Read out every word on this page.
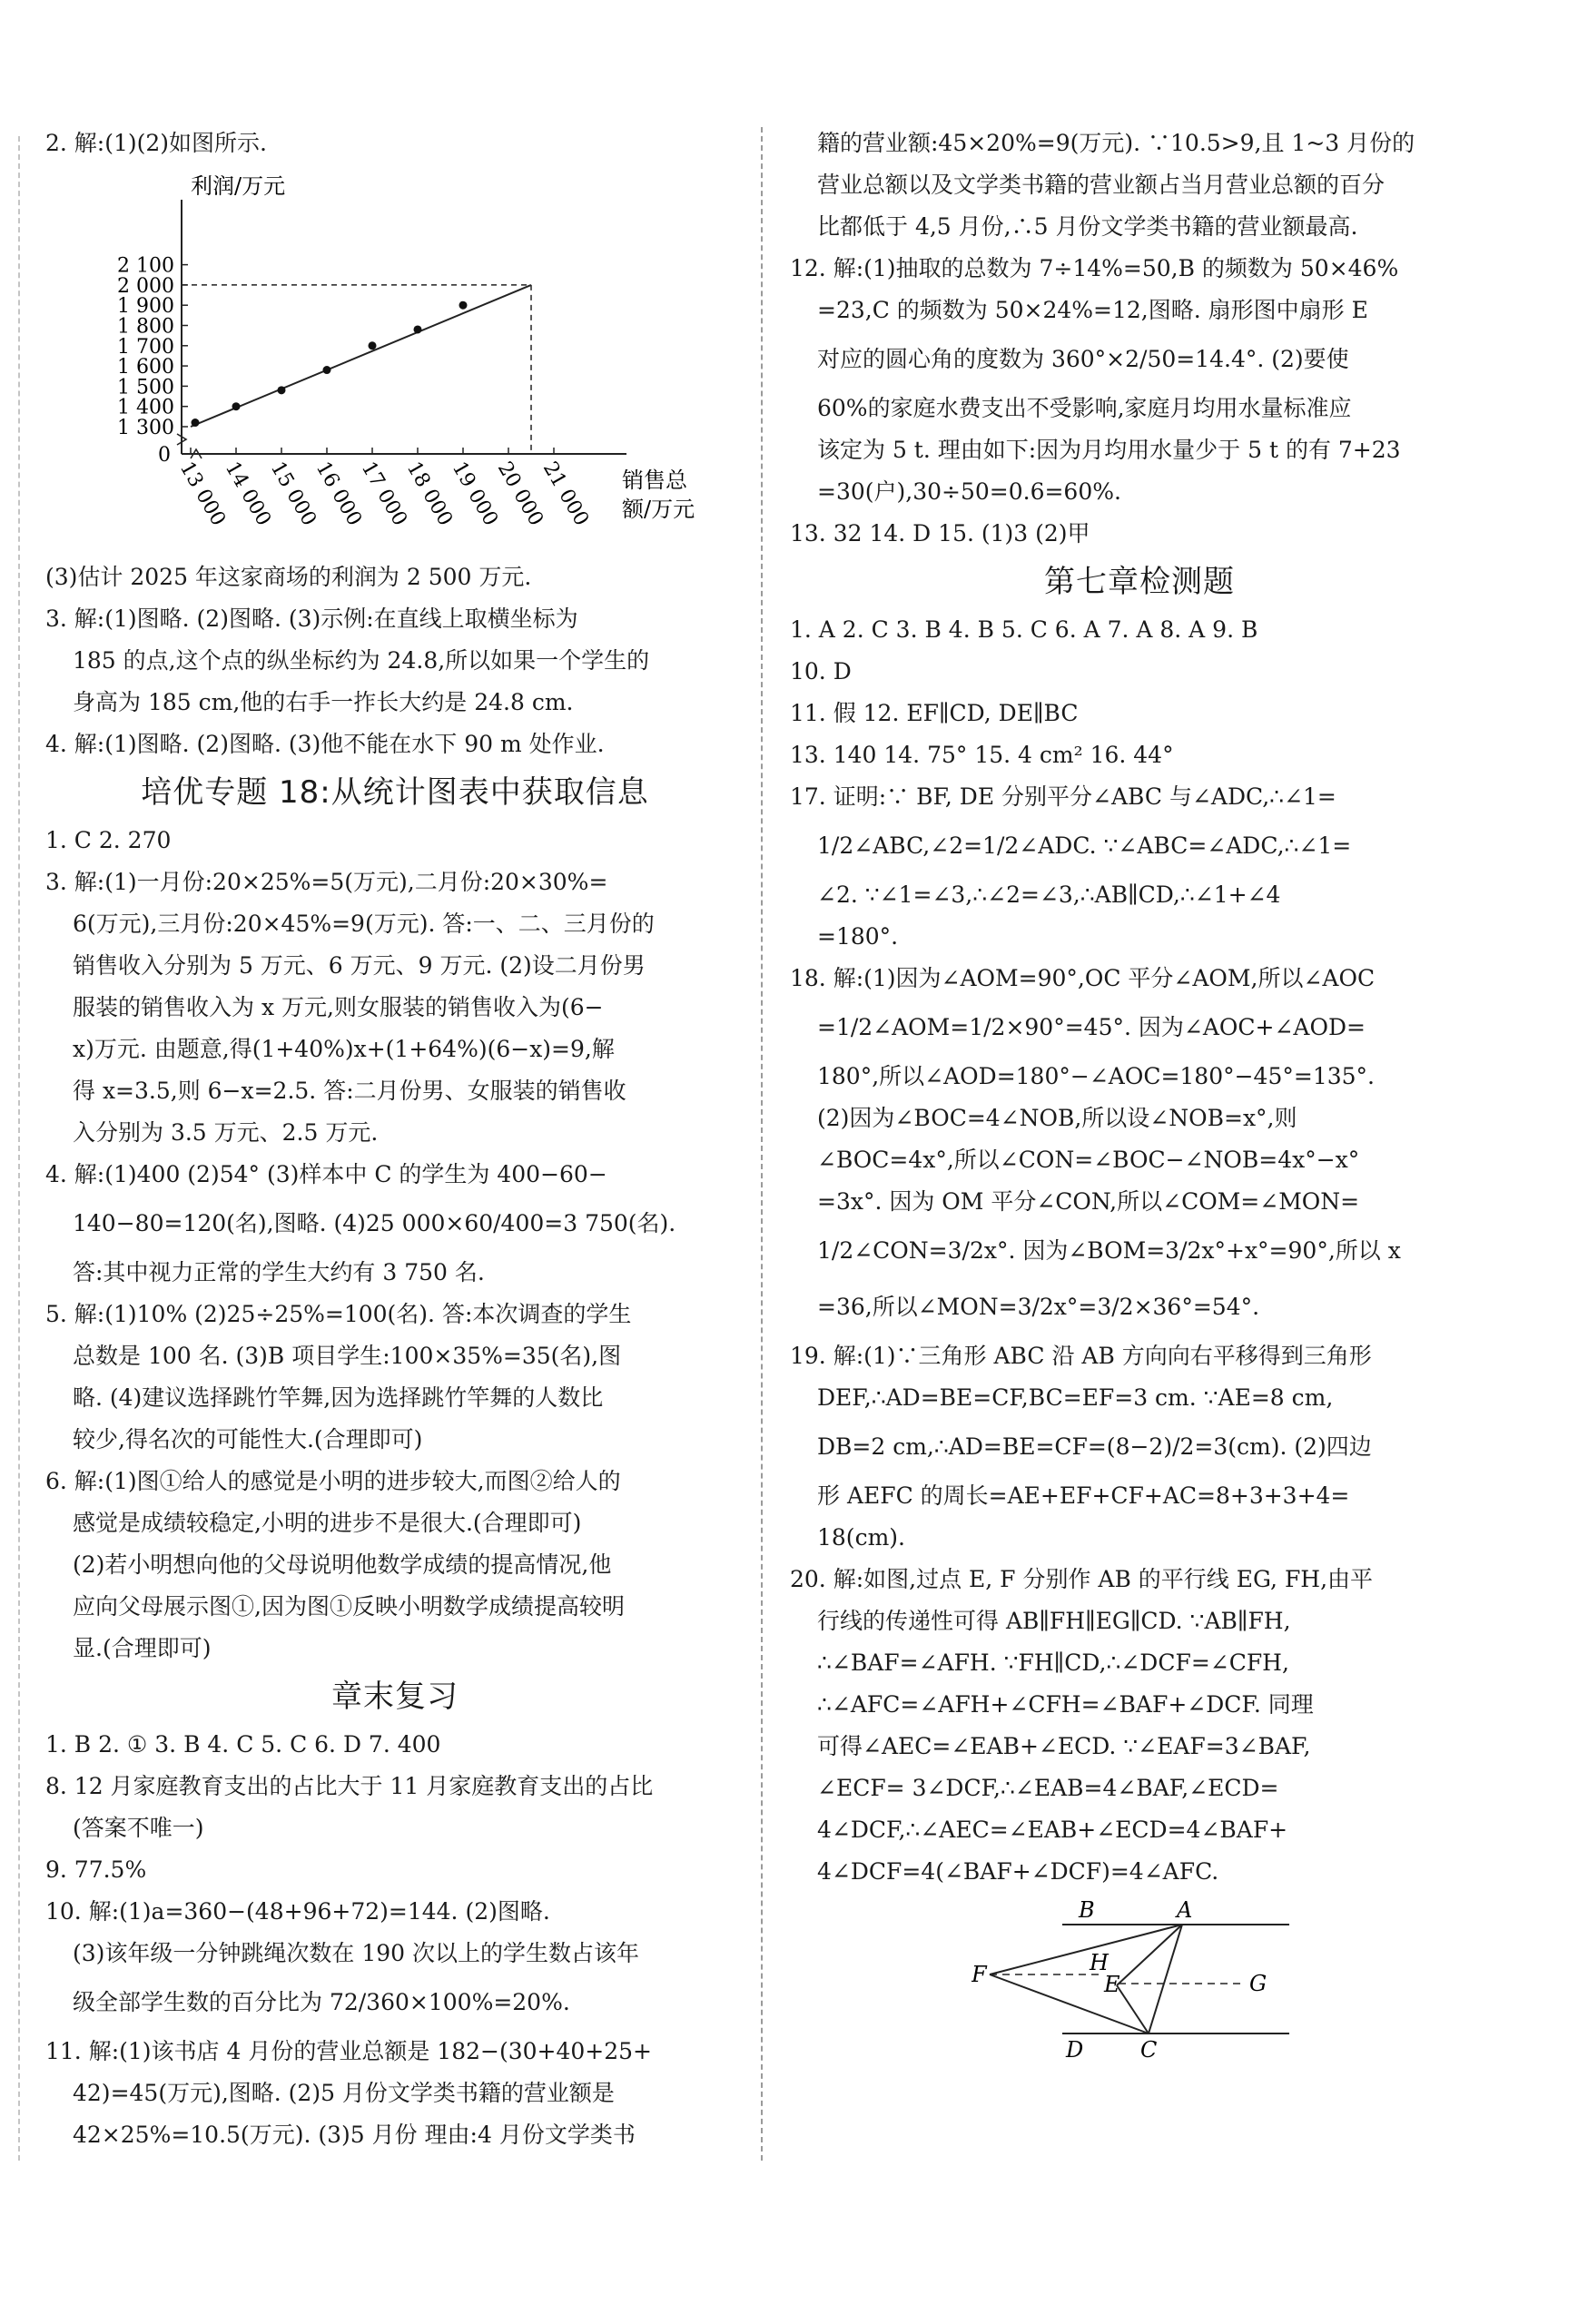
2. 解:(1)(2)如图所示.
利润/万元
0
1 300
1 400
1 500
1 600
1 700
1 800
1 900
2 000
2 100
13 000
14 000
15 000
16 000
17 000
18 000
19 000
20 000
21 000 销售总
额/万元
(3)估计 2025 年这家商场的利润为 2 500 万元.
3. 解:(1)图略. (2)图略. (3)示例:在直线上取横坐标为
185 的点,这个点的纵坐标约为 24.8,所以如果一个学生的
身高为 185 cm,他的右手一拃长大约是 24.8 cm.
4. 解:(1)图略. (2)图略. (3)他不能在水下 90 m 处作业.
培优专题 18:从统计图表中获取信息
1. C 2. 270
3. 解:(1)一月份:20×25%=5(万元),二月份:20×30%=
6(万元),三月份:20×45%=9(万元). 答:一、二、三月份的
销售收入分别为 5 万元、6 万元、9 万元. (2)设二月份男
服装的销售收入为 x 万元,则女服装的销售收入为(6−
x)万元. 由题意,得(1+40%)x+(1+64%)(6−x)=9,解
得 x=3.5,则 6−x=2.5. 答:二月份男、女服装的销售收
入分别为 3.5 万元、2.5 万元.
4. 解:(1)400 (2)54° (3)样本中 C 的学生为 400−60−
140−80=120(名),图略. (4)25 000×60/400=3 750(名).
答:其中视力正常的学生大约有 3 750 名.
5. 解:(1)10% (2)25÷25%=100(名). 答:本次调查的学生
总数是 100 名. (3)B 项目学生:100×35%=35(名),图
略. (4)建议选择跳竹竿舞,因为选择跳竹竿舞的人数比
较少,得名次的可能性大.(合理即可)
6. 解:(1)图①给人的感觉是小明的进步较大,而图②给人的
感觉是成绩较稳定,小明的进步不是很大.(合理即可)
(2)若小明想向他的父母说明他数学成绩的提高情况,他
应向父母展示图①,因为图①反映小明数学成绩提高较明
显.(合理即可)
章末复习
1. B 2. ① 3. B 4. C 5. C 6. D 7. 400
8. 12 月家庭教育支出的占比大于 11 月家庭教育支出的占比
(答案不唯一)
9. 77.5%
10. 解:(1)a=360−(48+96+72)=144. (2)图略.
(3)该年级一分钟跳绳次数在 190 次以上的学生数占该年
级全部学生数的百分比为 72/360×100%=20%.
11. 解:(1)该书店 4 月份的营业总额是 182−(30+40+25+
42)=45(万元),图略. (2)5 月份文学类书籍的营业额是
42×25%=10.5(万元). (3)5 月份 理由:4 月份文学类书
籍的营业额:45×20%=9(万元). ∵10.5>9,且 1~3 月份的
营业总额以及文学类书籍的营业额占当月营业总额的百分
比都低于 4,5 月份,∴5 月份文学类书籍的营业额最高.
12. 解:(1)抽取的总数为 7÷14%=50,B 的频数为 50×46%
=23,C 的频数为 50×24%=12,图略. 扇形图中扇形 E
对应的圆心角的度数为 360°×2/50=14.4°. (2)要使
60%的家庭水费支出不受影响,家庭月均用水量标准应
该定为 5 t. 理由如下:因为月均用水量少于 5 t 的有 7+23
=30(户),30÷50=0.6=60%.
13. 32 14. D 15. (1)3 (2)甲
第七章检测题
1. A 2. C 3. B 4. B 5. C 6. A 7. A 8. A 9. B
10. D
11. 假 12. EF∥CD, DE∥BC
13. 140 14. 75° 15. 4 cm² 16. 44°
17. 证明:∵ BF, DE 分别平分∠ABC 与∠ADC,∴∠1=
1/2∠ABC,∠2=1/2∠ADC. ∵∠ABC=∠ADC,∴∠1=
∠2. ∵∠1=∠3,∴∠2=∠3,∴AB∥CD,∴∠1+∠4
=180°.
18. 解:(1)因为∠AOM=90°,OC 平分∠AOM,所以∠AOC
=1/2∠AOM=1/2×90°=45°. 因为∠AOC+∠AOD=
180°,所以∠AOD=180°−∠AOC=180°−45°=135°.
(2)因为∠BOC=4∠NOB,所以设∠NOB=x°,则
∠BOC=4x°,所以∠CON=∠BOC−∠NOB=4x°−x°
=3x°. 因为 OM 平分∠CON,所以∠COM=∠MON=
1/2∠CON=3/2x°. 因为∠BOM=3/2x°+x°=90°,所以 x
=36,所以∠MON=3/2x°=3/2×36°=54°.
19. 解:(1)∵三角形 ABC 沿 AB 方向向右平移得到三角形
DEF,∴AD=BE=CF,BC=EF=3 cm. ∵AE=8 cm,
DB=2 cm,∴AD=BE=CF=(8−2)/2=3(cm). (2)四边
形 AEFC 的周长=AE+EF+CF+AC=8+3+3+4=
18(cm).
20. 解:如图,过点 E, F 分别作 AB 的平行线 EG, FH,由平
行线的传递性可得 AB∥FH∥EG∥CD. ∵AB∥FH,
∴∠BAF=∠AFH. ∵FH∥CD,∴∠DCF=∠CFH,
∴∠AFC=∠AFH+∠CFH=∠BAF+∠DCF. 同理
可得∠AEC=∠EAB+∠ECD. ∵∠EAF=3∠BAF,
∠ECF= 3∠DCF,∴∠EAB=4∠BAF,∠ECD=
4∠DCF,∴∠AEC=∠EAB+∠ECD=4∠BAF+
4∠DCF=4(∠BAF+∠DCF)=4∠AFC.
B	A
F	H
E	G
D	C
